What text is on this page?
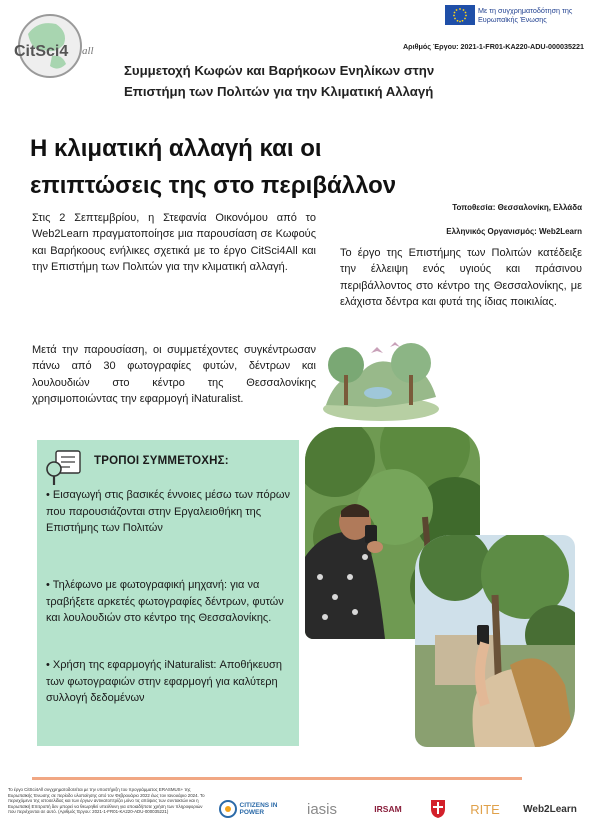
CitSci4 all
Με τη συγχρηματοδότηση της Ευρωπαϊκής Ένωσης
Αριθμός Έργου: 2021-1-FR01-KA220-ADU-000035221
Συμμετοχή Κωφών και Βαρήκοων Ενηλίκων στην
Επιστήμη των Πολιτών για την Κλιματική Αλλαγή
Η κλιματική αλλαγή και οι
επιπτώσεις της στο περιβάλλον
Τοποθεσία: Θεσσαλονίκη, Ελλάδα
Ελληνικός Οργανισμός: Web2Learn
Στις 2 Σεπτεμβρίου, η Στεφανία Οικονόμου από το Web2Learn πραγματοποίησε μια παρουσίαση σε Κωφούς και Βαρήκοους ενήλικες σχετικά με το έργο CitSci4All και την Επιστήμη των Πολιτών για την κλιματική αλλαγή.
Μετά την παρουσίαση, οι συμμετέχοντες συγκέντρωσαν πάνω από 30 φωτογραφίες φυτών, δέντρων και λουλουδιών στο κέντρο της Θεσσαλονίκης χρησιμοποιώντας την εφαρμογή iNaturalist.
Το έργο της Επιστήμης των Πολιτών κατέδειξε την έλλειψη ενός υγιούς και πράσινου περιβάλλοντος στο κέντρο της Θεσσαλονίκης, με ελάχιστα δέντρα και φυτά της ίδιας ποικιλίας.
ΤΡΟΠΟΙ ΣΥΜΜΕΤΟΧΗΣ:
• Εισαγωγή στις βασικές έννοιες μέσω των πόρων που παρουσιάζονται στην Εργαλειοθήκη της Επιστήμης των Πολιτών
• Τηλέφωνο με φωτογραφική μηχανή: για να τραβήξετε αρκετές φωτογραφίες δέντρων, φυτών και λουλουδιών στο κέντρο της Θεσσαλονίκης.
• Χρήση της εφαρμογής iNaturalist: Αποθήκευση των φωτογραφιών στην εφαρμογή για καλύτερη συλλογή δεδομένων
Το έργο CitSci4All συγχρηματοδοτείται με την υποστήριξη του προγράμματος ERASMUS+ της Ευρωπαϊκής Ένωσης σε περίοδο υλοποίησης από τον Φεβρουάριο 2022 έως τον Ιανουάριο 2024. Το περιεχόμενο της ιστοσελίδας και των έργων αντικατοπτρίζει μόνο τις απόψεις των συντακτών και η Ευρωπαϊκή Επιτροπή δεν μπορεί να θεωρηθεί υπεύθυνη για οποιαδήποτε χρήση των πληροφοριών που περιέχονται σε αυτό. (Αριθμός Έργου: 2021-1-FR01-KA220-ADU-000035221)
CITIZENS IN POWER	iasis	IRSAM	RITE Web2Learn
